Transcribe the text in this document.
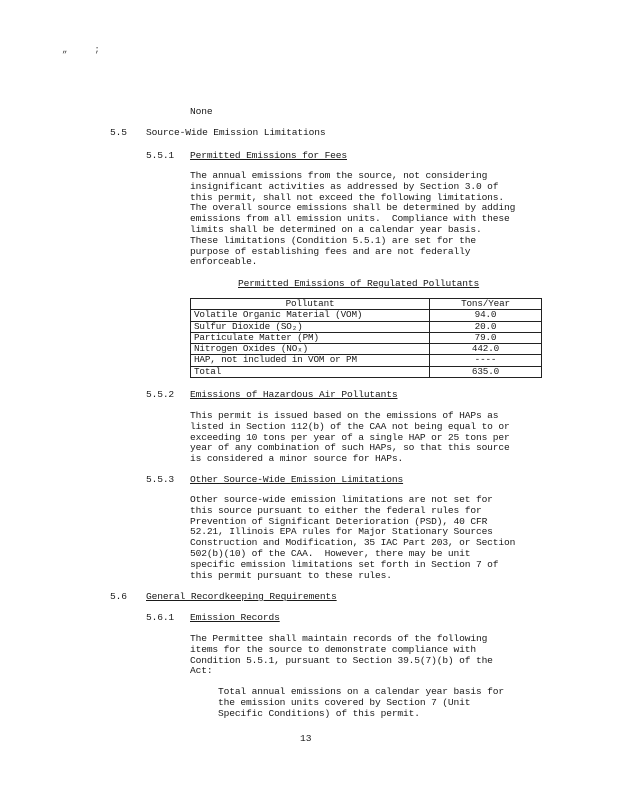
„     ;
None
5.5 Source-Wide Emission Limitations
5.5.1 Permitted Emissions for Fees
The annual emissions from the source, not considering
insignificant activities as addressed by Section 3.0 of
this permit, shall not exceed the following limitations.
The overall source emissions shall be determined by adding
emissions from all emission units.  Compliance with these
limits shall be determined on a calendar year basis.
These limitations (Condition 5.5.1) are set for the
purpose of establishing fees and are not federally
enforceable.
Permitted Emissions of Regulated Pollutants
Pollutant	Tons/Year
Volatile Organic Material (VOM)	94.0
Sulfur Dioxide (SO₂)	20.0
Particulate Matter (PM)	79.0
Nitrogen Oxides (NOₓ)	442.0
HAP, not included in VOM or PM	----
Total	635.0
5.5.2 Emissions of Hazardous Air Pollutants
This permit is issued based on the emissions of HAPs as
listed in Section 112(b) of the CAA not being equal to or
exceeding 10 tons per year of a single HAP or 25 tons per
year of any combination of such HAPs, so that this source
is considered a minor source for HAPs.
5.5.3 Other Source-Wide Emission Limitations
Other source-wide emission limitations are not set for
this source pursuant to either the federal rules for
Prevention of Significant Deterioration (PSD), 40 CFR
52.21, Illinois EPA rules for Major Stationary Sources
Construction and Modification, 35 IAC Part 203, or Section
502(b)(10) of the CAA.  However, there may be unit
specific emission limitations set forth in Section 7 of
this permit pursuant to these rules.
5.6 General Recordkeeping Requirements
5.6.1 Emission Records
The Permittee shall maintain records of the following
items for the source to demonstrate compliance with
Condition 5.5.1, pursuant to Section 39.5(7)(b) of the
Act:
Total annual emissions on a calendar year basis for
the emission units covered by Section 7 (Unit
Specific Conditions) of this permit.
13
